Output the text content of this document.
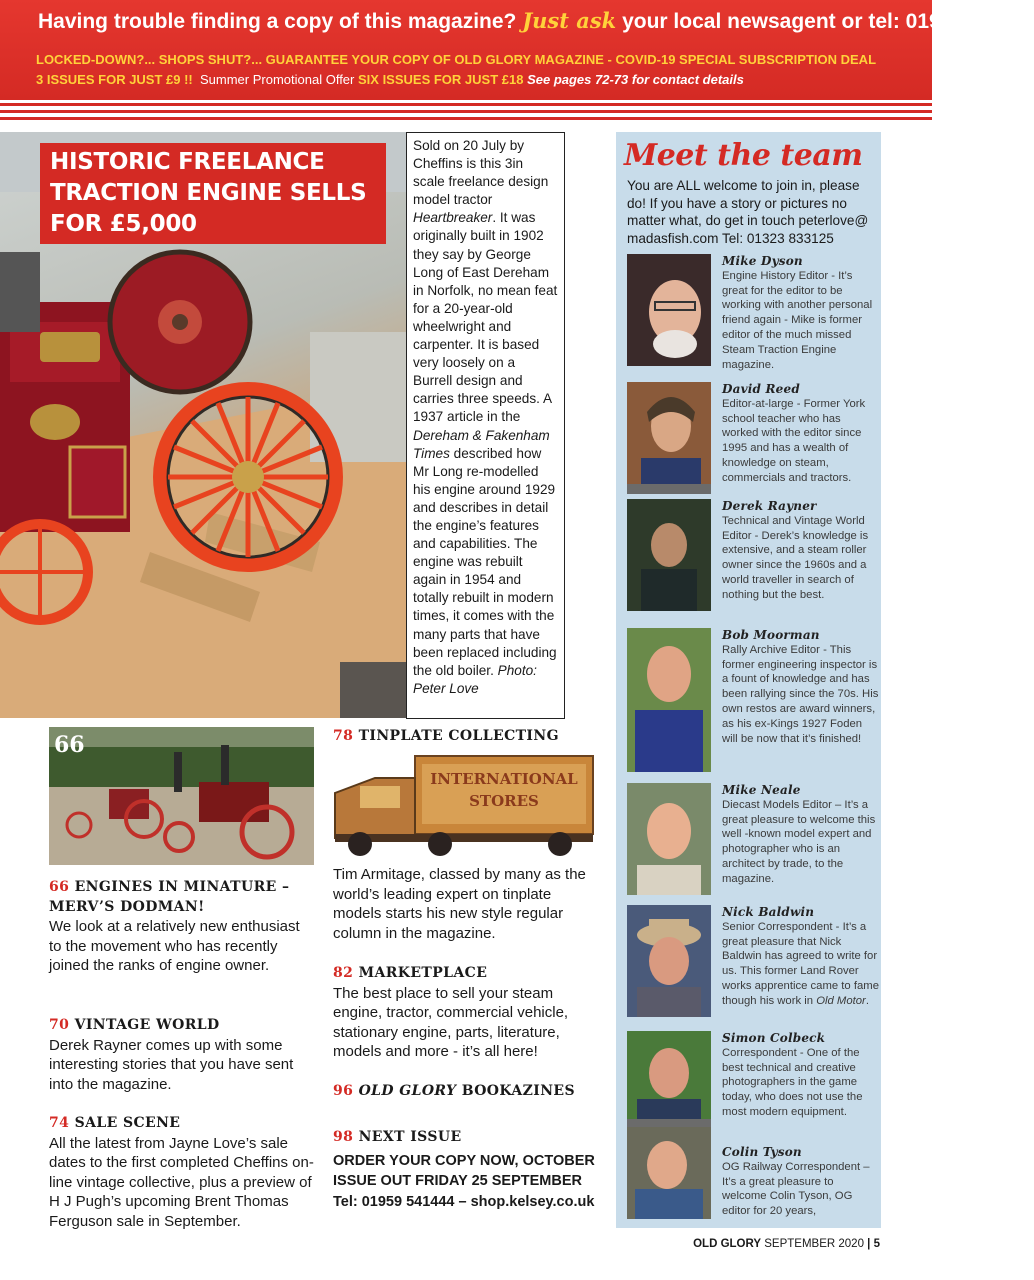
Having trouble finding a copy of this magazine? Just ask your local newsagent or tel: 01959541444
LOCKED-DOWN?... SHOPS SHUT?... GUARANTEE YOUR COPY OF OLD GLORY MAGAZINE - COVID-19 SPECIAL SUBSCRIPTION DEAL
3 ISSUES FOR JUST £9 !! Summer Promotional Offer SIX ISSUES FOR JUST £18 See pages 72-73 for contact details
HISTORIC FREELANCE TRACTION ENGINE SELLS FOR £5,000
Sold on 20 July by Cheffins is this 3in scale freelance design model tractor Heartbreaker. It was originally built in 1902 they say by George Long of East Dereham in Norfolk, no mean feat for a 20-year-old wheelwright and carpenter. It is based very loosely on a Burrell design and carries three speeds. A 1937 article in the Dereham & Fakenham Times described how Mr Long re-modelled his engine around 1929 and describes in detail the engine’s features and capabilities. The engine was rebuilt again in 1954 and totally rebuilt in modern times, it comes with the many parts that have been replaced including the old boiler. Photo: Peter Love
66
66 ENGINES IN MINATURE – MERV’S DODMAN!
We look at a relatively new enthusiast to the movement who has recently joined the ranks of engine owner.
70 VINTAGE WORLD
Derek Rayner comes up with some interesting stories that you have sent into the magazine.
74 SALE SCENE
All the latest from Jayne Love’s sale dates to the first completed Cheffins on-line vintage collective, plus a preview of H J Pugh’s upcoming Brent Thomas Ferguson sale in September.
78 TINPLATE COLLECTING
INTERNATIONAL
STORES
Tim Armitage, classed by many as the world’s leading expert on tinplate models starts his new style regular column in the magazine.
82 MARKETPLACE
The best place to sell your steam engine, tractor, commercial vehicle, stationary engine, parts, literature, models and more - it’s all here!
96 OLD GLORY BOOKAZINES
98 NEXT ISSUE
ORDER YOUR COPY NOW, OCTOBER ISSUE OUT FRIDAY 25 SEPTEMBER Tel: 01959 541444 – shop.kelsey.co.uk
Meet the team
You are ALL welcome to join in, please do! If you have a story or pictures no matter what, do get in touch peterlove@ madasfish.com Tel: 01323 833125
Mike Dyson
Engine History Editor - It’s great for the editor to be working with another personal friend again - Mike is former editor of the much missed Steam Traction Engine magazine.
David Reed
Editor-at-large - Former York school teacher who has worked with the editor since 1995 and has a wealth of knowledge on steam, commercials and tractors.
Derek Rayner
Technical and Vintage World Editor - Derek’s knowledge is extensive, and a steam roller owner since the 1960s and a world traveller in search of nothing but the best.
Bob Moorman
Rally Archive Editor - This former engineering inspector is a fount of knowledge and has been rallying since the 70s. His own restos are award winners, as his ex-Kings 1927 Foden will be now that it’s finished!
Mike Neale
Diecast Models Editor – It’s a great pleasure to welcome this well -known model expert and photographer who is an architect by trade, to the magazine.
Nick Baldwin
Senior Correspondent - It’s a great pleasure that Nick Baldwin has agreed to write for us. This former Land Rover works apprentice came to fame though his work in Old Motor.
Simon Colbeck
Correspondent - One of the best technical and creative photographers in the game today, who does not use the most modern equipment.
Colin Tyson
OG Railway Correspondent – It’s a great pleasure to welcome Colin Tyson, OG editor for 20 years,
OLD GLORY SEPTEMBER 2020 | 5
